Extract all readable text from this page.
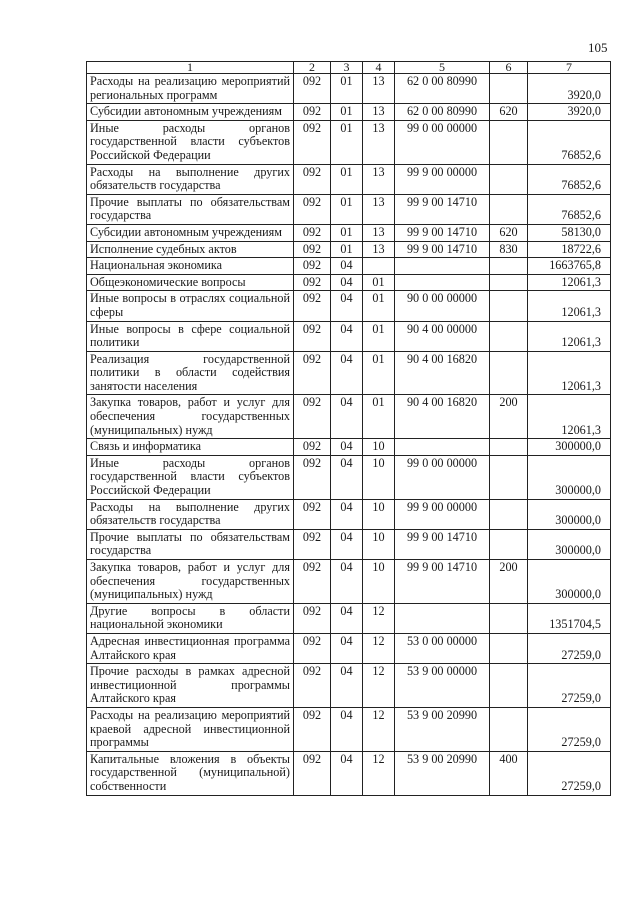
105
1	2	3	4	5	6	7
Расходы на реализацию мероприятий региональных программ	092	01	13	62 0 00 80990		3920,0
Субсидии автономным учреждениям	092	01	13	62 0 00 80990	620	3920,0
Иные расходы органов государственной власти субъектов Российской Федерации	092	01	13	99 0 00 00000		76852,6
Расходы на выполнение других обязательств государства	092	01	13	99 9 00 00000		76852,6
Прочие выплаты по обязательствам государства	092	01	13	99 9 00 14710		76852,6
Субсидии автономным учреждениям	092	01	13	99 9 00 14710	620	58130,0
Исполнение судебных актов	092	01	13	99 9 00 14710	830	18722,6
Национальная экономика	092	04				1663765,8
Общеэкономические вопросы	092	04	01			12061,3
Иные вопросы в отраслях социальной сферы	092	04	01	90 0 00 00000		12061,3
Иные вопросы в сфере социальной политики	092	04	01	90 4 00 00000		12061,3
Реализация государственной политики в области содействия занятости населения	092	04	01	90 4 00 16820		12061,3
Закупка товаров, работ и услуг для обеспечения государственных (муниципальных) нужд	092	04	01	90 4 00 16820	200	12061,3
Связь и информатика	092	04	10			300000,0
Иные расходы органов государственной власти субъектов Российской Федерации	092	04	10	99 0 00 00000		300000,0
Расходы на выполнение других обязательств государства	092	04	10	99 9 00 00000		300000,0
Прочие выплаты по обязательствам государства	092	04	10	99 9 00 14710		300000,0
Закупка товаров, работ и услуг для обеспечения государственных (муниципальных) нужд	092	04	10	99 9 00 14710	200	300000,0
Другие вопросы в области национальной экономики	092	04	12			1351704,5
Адресная инвестиционная программа Алтайского края	092	04	12	53 0 00 00000		27259,0
Прочие расходы в рамках адресной инвестиционной программы Алтайского края	092	04	12	53 9 00 00000		27259,0
Расходы на реализацию мероприятий краевой адресной инвестиционной программы	092	04	12	53 9 00 20990		27259,0
Капитальные вложения в объекты государственной (муниципальной) собственности	092	04	12	53 9 00 20990	400	27259,0
